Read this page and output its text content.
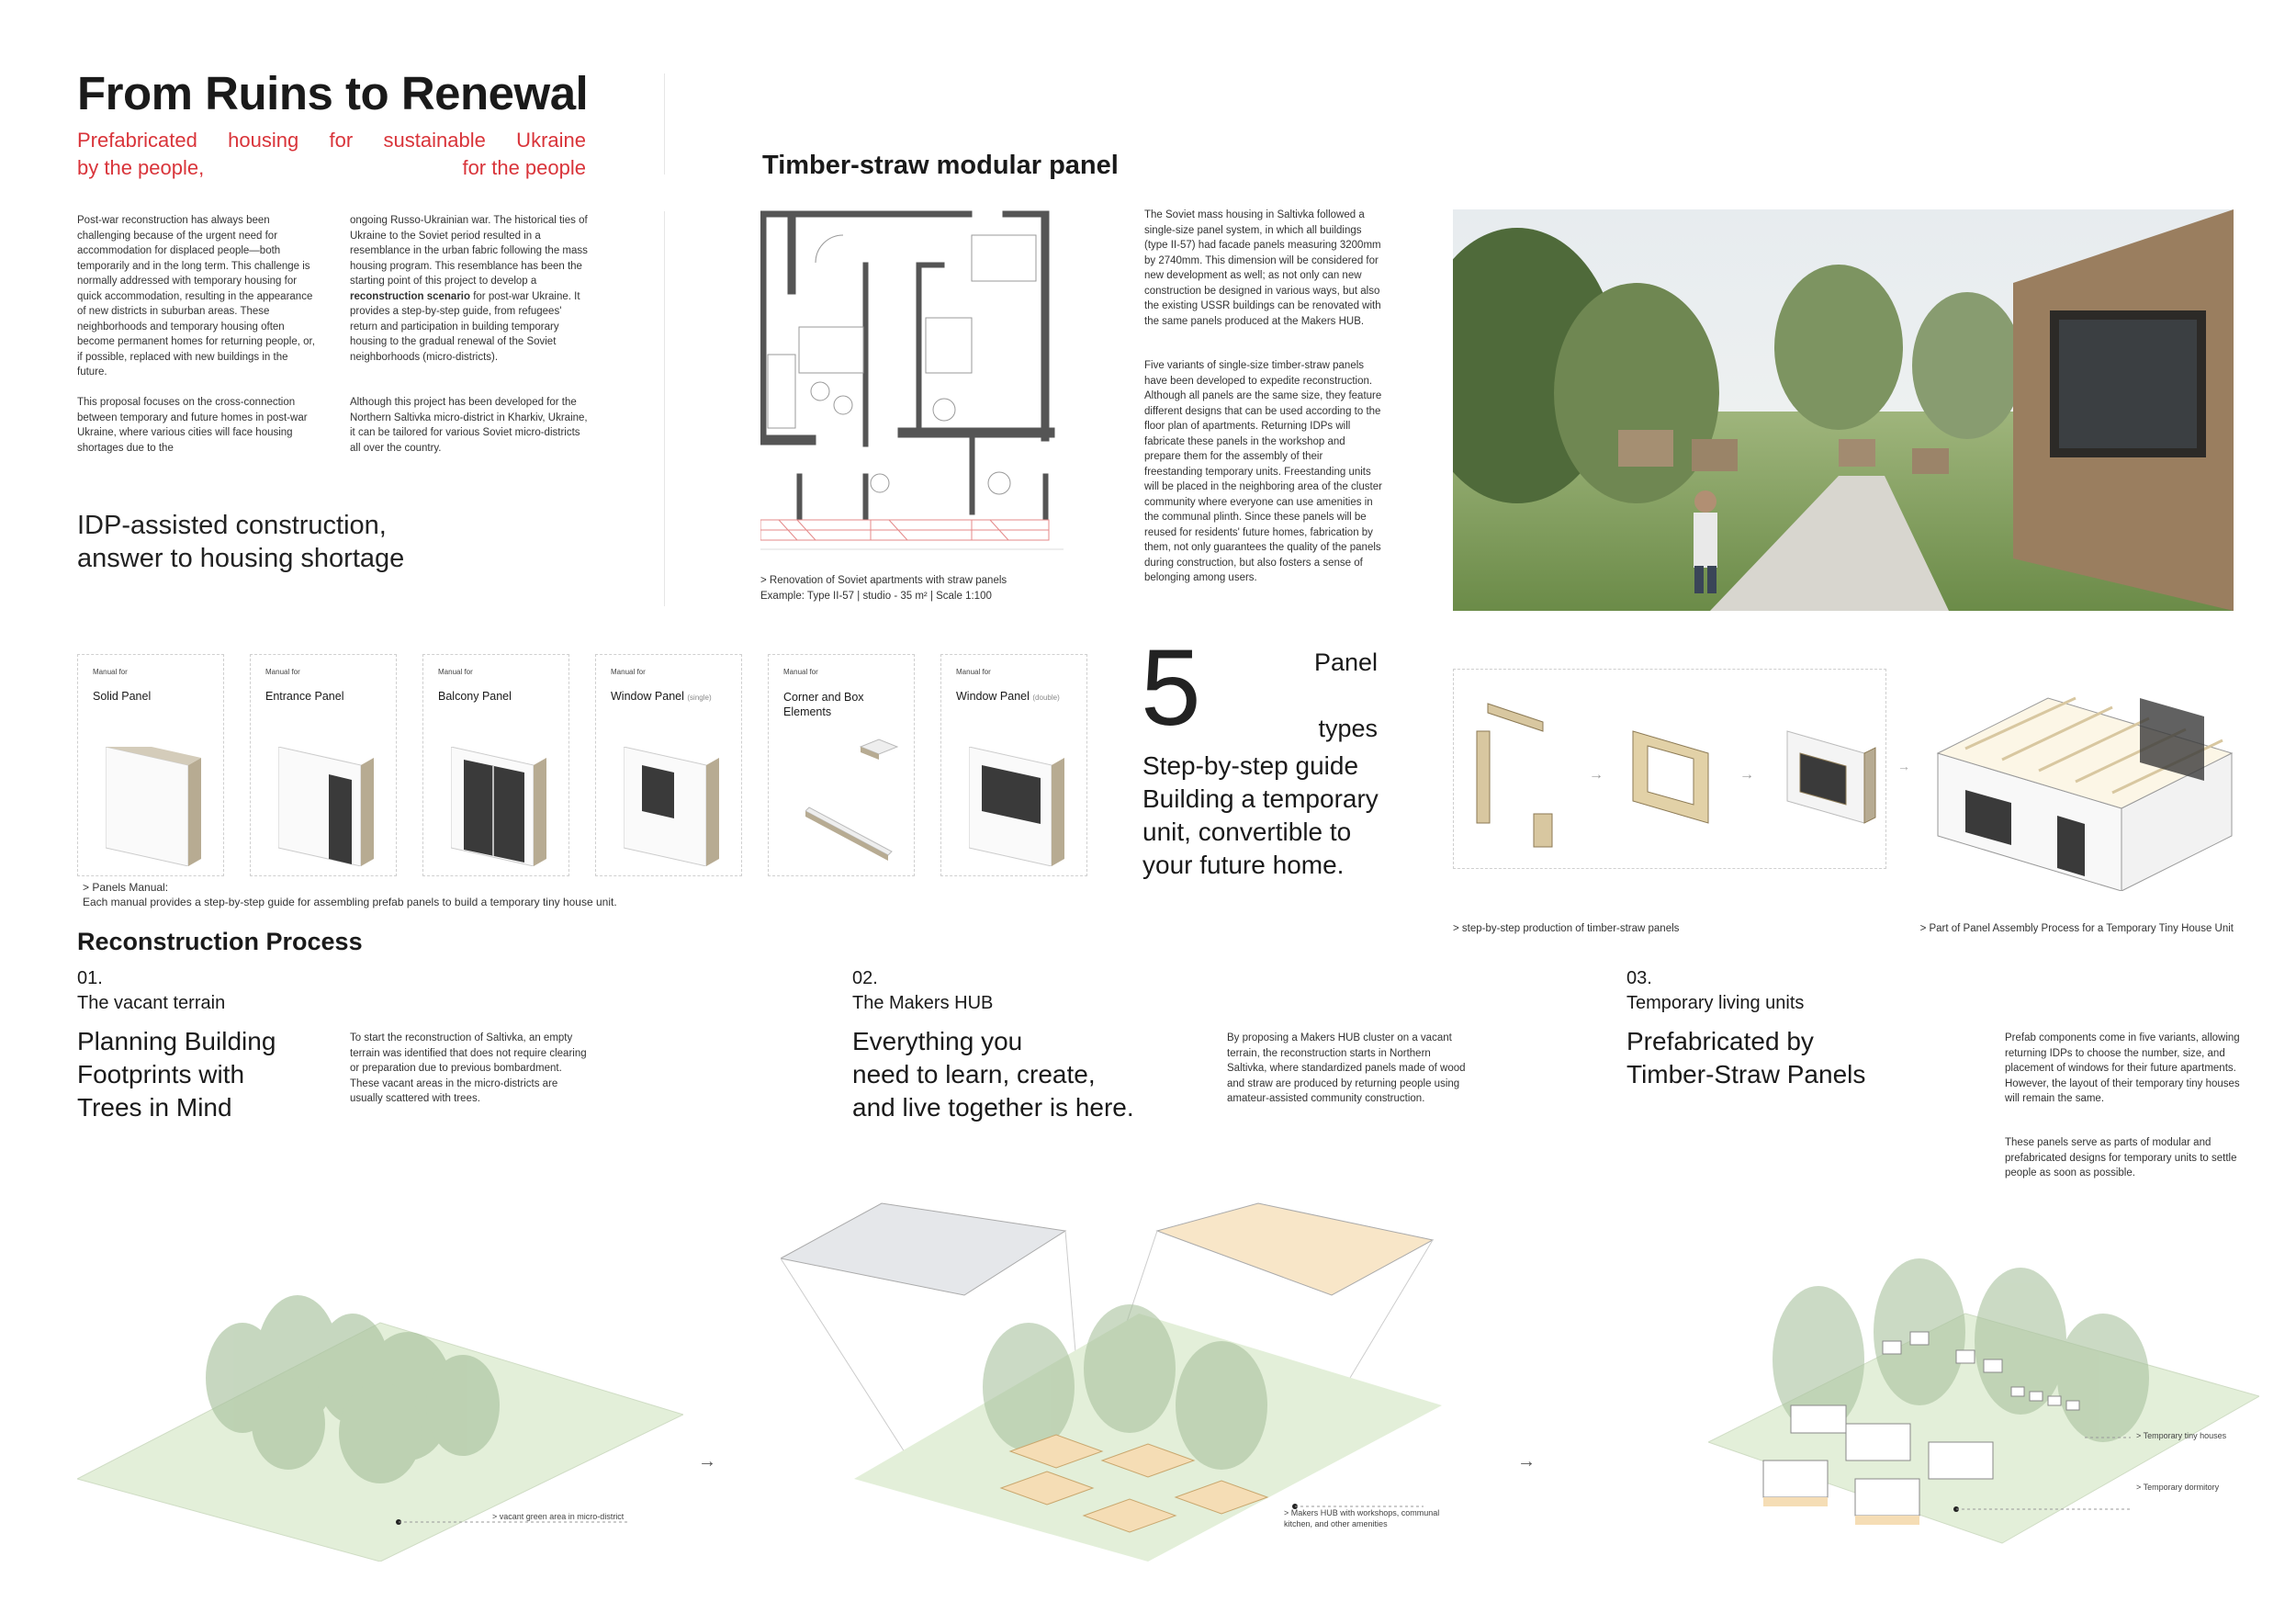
From Ruins to Renewal
Prefabricated housing for sustainable Ukraine
by the people,	for the people
Post-war reconstruction has always been challenging because of the urgent need for accommodation for displaced people—both temporarily and in the long term. This challenge is normally addressed with temporary housing for quick accommodation, resulting in the appearance of new districts in suburban areas. These neighborhoods and temporary housing often become permanent homes for returning people, or, if possible, replaced with new buildings in the future.
This proposal focuses on the cross-connection between temporary and future homes in post-war Ukraine, where various cities will face housing shortages due to the
ongoing Russo-Ukrainian war. The historical ties of Ukraine to the Soviet period resulted in a resemblance in the urban fabric following the mass housing program. This resemblance has been the starting point of this project to develop a reconstruction scenario for post-war Ukraine. It provides a step-by-step guide, from refugees' return and participation in building temporary housing to the gradual renewal of the Soviet neighborhoods (micro-districts).
Although this project has been developed for the Northern Saltivka micro-district in Kharkiv, Ukraine, it can be tailored for various Soviet micro-districts all over the country.
IDP-assisted construction,
answer to housing shortage
Timber-straw modular panel
> Renovation of Soviet apartments with straw panels
Example: Type II-57 | studio - 35 m² | Scale 1:100
The Soviet mass housing in Saltivka followed a single-size panel system, in which all buildings (type II-57) had facade panels measuring 3200mm by 2740mm. This dimension will be considered for new development as well; as not only can new construction be designed in various ways, but also the existing USSR buildings can be renovated with the same panels produced at the Makers HUB.
Five variants of single-size timber-straw panels have been developed to expedite reconstruction. Although all panels are the same size, they feature different designs that can be used according to the floor plan of apartments. Returning IDPs will fabricate these panels in the workshop and prepare them for the assembly of their freestanding temporary units. Freestanding units will be placed in the neighboring area of the cluster community where everyone can use amenities in the communal plinth. Since these panels will be reused for residents' future homes, fabrication by them, not only guarantees the quality of the panels during construction, but also fosters a sense of belonging among users.
Manual for
Solid Panel
Manual for
Entrance Panel
Manual for
Balcony Panel
Manual for
Window Panel (single)
Manual for
Corner and Box Elements
Manual for
Window Panel (double)
> Panels Manual:
Each manual provides a step-by-step guide for assembling prefab panels to build a temporary tiny house unit.
5	Panel
types
Step-by-step guide
Building a temporary
unit, convertible to
your future home.
→	→
→
> step-by-step production of timber-straw panels	> Part of Panel Assembly Process for a Temporary Tiny House Unit
Reconstruction Process
01.
The vacant terrain
Planning Building
Footprints with
Trees in Mind
To start the reconstruction of Saltivka, an empty terrain was identified that does not require clearing or preparation due to previous bombardment. These vacant areas in the micro-districts are usually scattered with trees.
02.
The Makers HUB
Everything you
need to learn, create,
and live together is here.
By proposing a Makers HUB cluster on a vacant terrain, the reconstruction starts in Northern Saltivka, where standardized panels made of wood and straw are produced by returning people using amateur-assisted community construction.
03.
Temporary living units
Prefabricated by
Timber-Straw Panels
Prefab components come in five variants, allowing returning IDPs to choose the number, size, and placement of windows for their future apartments. However, the layout of their temporary tiny houses will remain the same.
These panels serve as parts of modular and prefabricated designs for temporary units to settle people as soon as possible.
> vacant green area in micro-district
→
> Makers HUB with workshops, communal
kitchen, and other amenities
→
> Temporary tiny houses
> Temporary dormitory
